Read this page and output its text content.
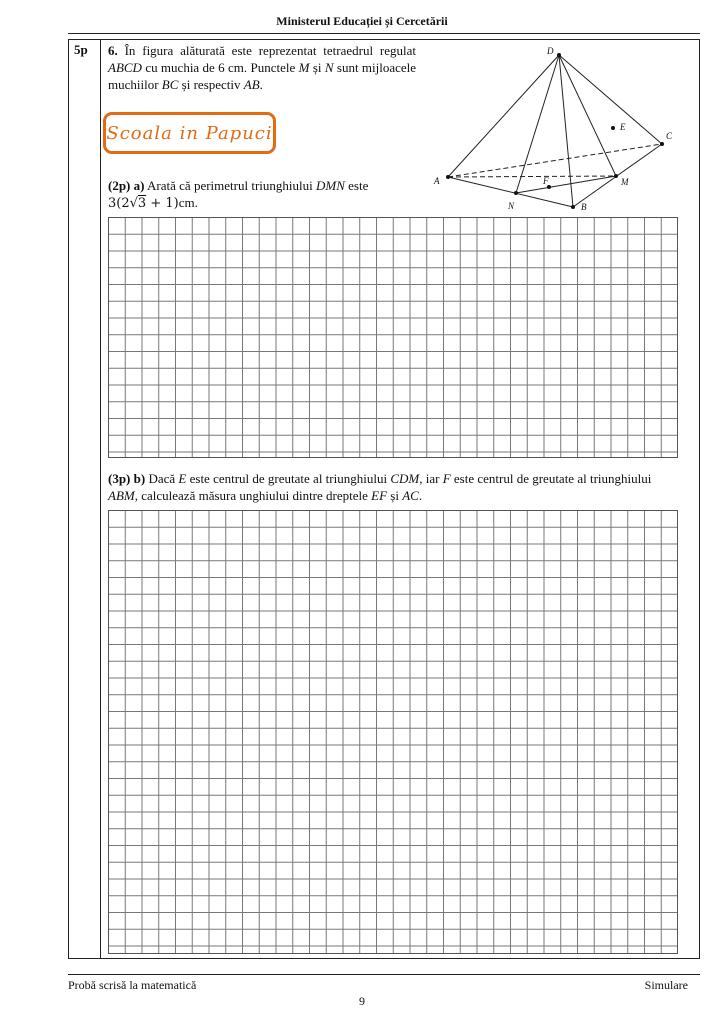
Ministerul Educației și Cercetării
5p 6. În figura alăturată este reprezentat tetraedrul regulat ABCD cu muchia de 6 cm. Punctele M și N sunt mijloacele muchiilor BC și respectiv AB.
Scoala in Papuci
(2p) a) Arată că perimetrul triunghiului DMN este
3(2√3 + 1)cm.
(3p) b) Dacă E este centrul de greutate al triunghiului CDM, iar F este centrul de greutate al triunghiului ABM, calculează măsura unghiului dintre dreptele EF și AC.
D
A
B
C
E
F	M
N
Probă scrisă la matematică	Simulare
9
